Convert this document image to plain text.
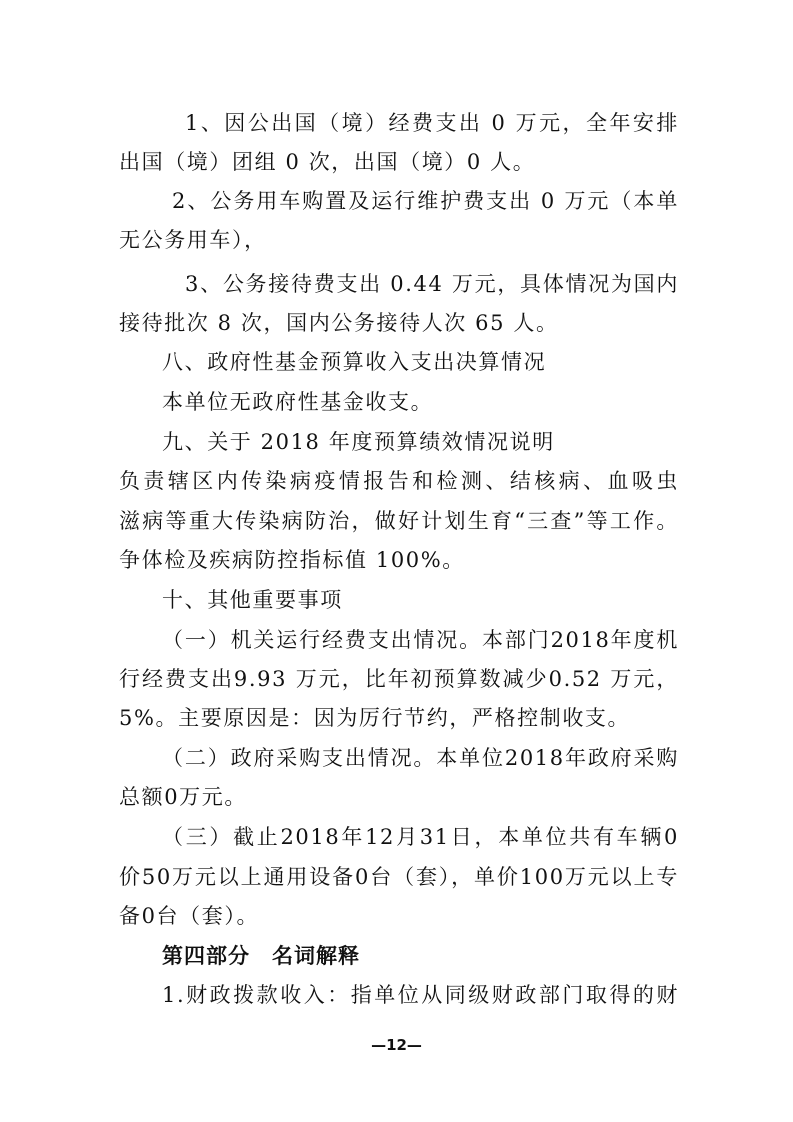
1、因公出国（境）经费支出 0 万元，全年安排
出国（境）团组 0 次，出国（境）0 人。
2、公务用车购置及运行维护费支出 0 万元（本单
无公务用车），
3、公务接待费支出 0.44 万元，具体情况为国内
接待批次 8 次，国内公务接待人次 65 人。
八、政府性基金预算收入支出决算情况
本单位无政府性基金收支。
九、关于 2018 年度预算绩效情况说明
负责辖区内传染病疫情报告和检测、结核病、血吸虫
滋病等重大传染病防治，做好计划生育“三查”等工作。
争体检及疾病防控指标值 100%。
十、其他重要事项
（一）机关运行经费支出情况。本部门2018年度机
行经费支出9.93 万元，比年初预算数减少0.52 万元，
5%。主要原因是：因为厉行节约，严格控制收支。
（二）政府采购支出情况。本单位2018年政府采购
总额0万元。
（三）截止2018年12月31日，本单位共有车辆0
价50万元以上通用设备0台（套），单价100万元以上专
备0台（套）。
第四部分　名词解释
1.财政拨款收入：指单位从同级财政部门取得的财
—12—
